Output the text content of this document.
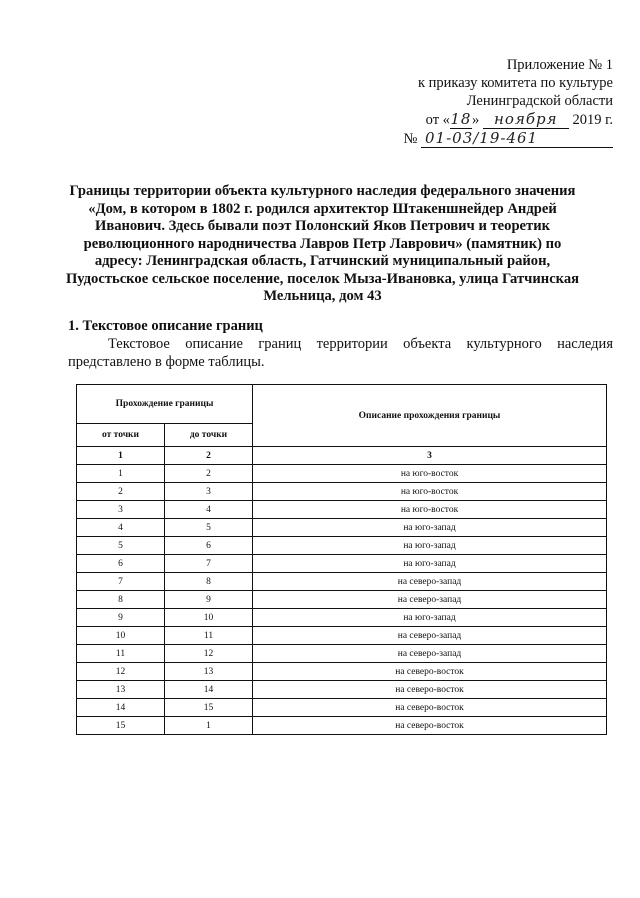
Приложение № 1
к приказу комитета по культуре
Ленинградской области
от «18» ноября 2019 г.
№ 01-03/19-461
Границы территории объекта культурного наследия федерального значения «Дом, в котором в 1802 г. родился архитектор Штакеншнейдер Андрей Иванович. Здесь бывали поэт Полонский Яков Петрович и теоретик революционного народничества Лавров Петр Лаврович» (памятник) по адресу: Ленинградская область, Гатчинский муниципальный район, Пудостьское сельское поселение, поселок Мыза-Ивановка, улица Гатчинская Мельница, дом 43
1. Текстовое описание границ
Текстовое описание границ территории объекта культурного наследия представлено в форме таблицы.
Прохождение границы		Описание прохождения границы
от точки	до точки	
1	2	3
1	2	на юго-восток
2	3	на юго-восток
3	4	на юго-восток
4	5	на юго-запад
5	6	на юго-запад
6	7	на юго-запад
7	8	на северо-запад
8	9	на северо-запад
9	10	на юго-запад
10	11	на северо-запад
11	12	на северо-запад
12	13	на северо-восток
13	14	на северо-восток
14	15	на северо-восток
15	1	на северо-восток
